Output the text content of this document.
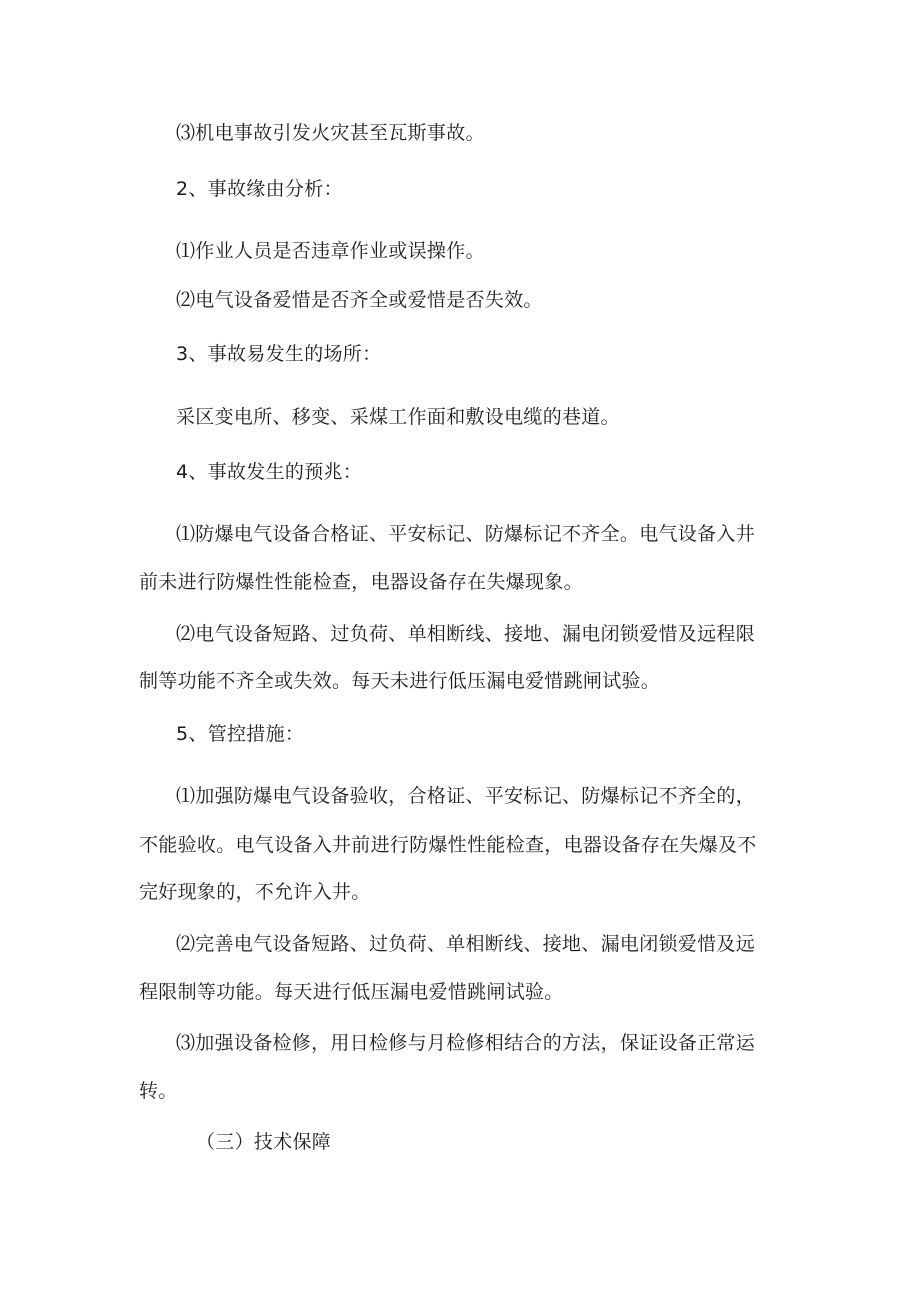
⑶机电事故引发火灾甚至瓦斯事故。
2、事故缘由分析：
⑴作业人员是否违章作业或误操作。
⑵电气设备爱惜是否齐全或爱惜是否失效。
3、事故易发生的场所：
采区变电所、移变、采煤工作面和敷设电缆的巷道。
4、事故发生的预兆：
⑴防爆电气设备合格证、平安标记、防爆标记不齐全。电气设备入井
前未进行防爆性性能检查，电器设备存在失爆现象。
⑵电气设备短路、过负荷、单相断线、接地、漏电闭锁爱惜及远程限
制等功能不齐全或失效。每天未进行低压漏电爱惜跳闸试验。
5、管控措施：
⑴加强防爆电气设备验收，合格证、平安标记、防爆标记不齐全的，
不能验收。电气设备入井前进行防爆性性能检查，电器设备存在失爆及不
完好现象的，不允许入井。
⑵完善电气设备短路、过负荷、单相断线、接地、漏电闭锁爱惜及远
程限制等功能。每天进行低压漏电爱惜跳闸试验。
⑶加强设备检修，用日检修与月检修相结合的方法，保证设备正常运
转。
（三）技术保障
